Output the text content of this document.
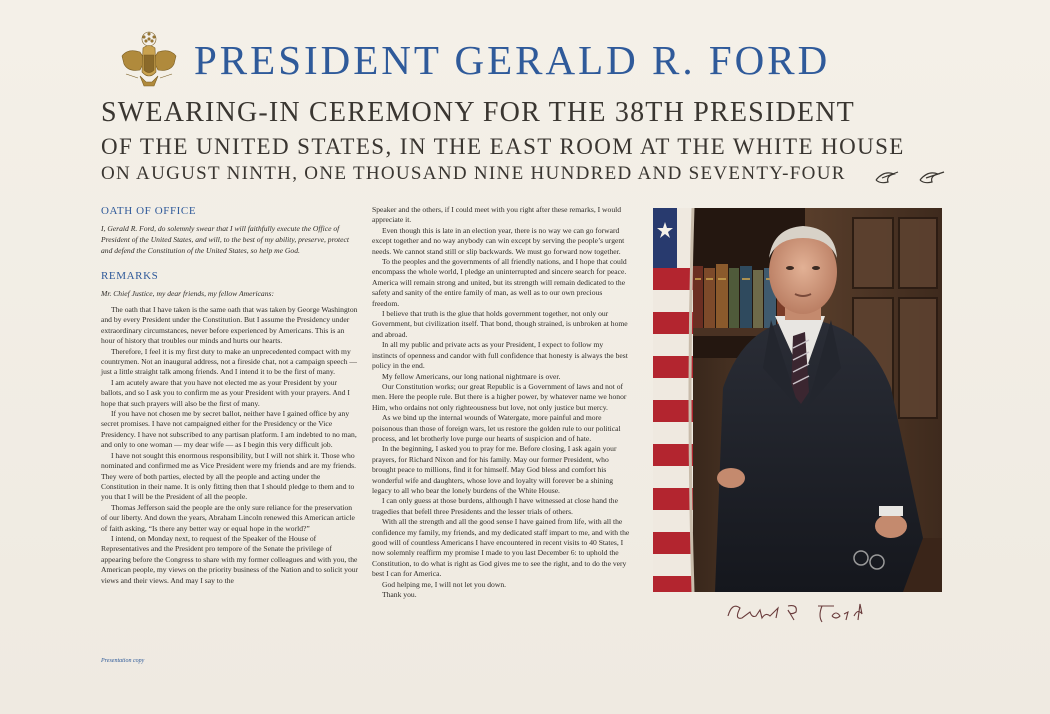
PRESIDENT GERALD R. FORD
SWEARING-IN CEREMONY FOR THE 38TH PRESIDENT
OF THE UNITED STATES, IN THE EAST ROOM AT THE WHITE HOUSE
ON AUGUST NINTH, ONE THOUSAND NINE HUNDRED AND SEVENTY-FOUR
OATH OF OFFICE

I, Gerald R. Ford, do solemnly swear that I will faithfully execute the Office of President of the United States, and will, to the best of my ability, preserve, protect and defend the Constitution of the United States, so help me God.

REMARKS

Mr. Chief Justice, my dear friends, my fellow Americans:

The oath that I have taken is the same oath that was taken by George Washington and by every President under the Constitution. But I assume the Presidency under extraordinary circumstances, never before experienced by Americans. This is an hour of history that troubles our minds and hurts our hearts.

Therefore, I feel it is my first duty to make an unprecedented compact with my countrymen. Not an inaugural address, not a fireside chat, not a campaign speech — just a little straight talk among friends. And I intend it to be the first of many.

I am acutely aware that you have not elected me as your President by your ballots, and so I ask you to confirm me as your President with your prayers. And I hope that such prayers will also be the first of many.

If you have not chosen me by secret ballot, neither have I gained office by any secret promises. I have not campaigned either for the Presidency or the Vice Presidency. I have not subscribed to any partisan platform. I am indebted to no man, and only to one woman — my dear wife — as I begin this very difficult job.

I have not sought this enormous responsibility, but I will not shirk it. Those who nominated and confirmed me as Vice President were my friends and are my friends. They were of both parties, elected by all the people and acting under the Constitution in their name. It is only fitting then that I should pledge to them and to you that I will be the President of all the people.

Thomas Jefferson said the people are the only sure reliance for the preservation of our liberty. And down the years, Abraham Lincoln renewed this American article of faith asking, “Is there any better way or equal hope in the world?”

I intend, on Monday next, to request of the Speaker of the House of Representatives and the President pro tempore of the Senate the privilege of appearing before the Congress to share with my former colleagues and with you, the American people, my views on the priority business of the Nation and to solicit your views and their views. And may I say to the

Speaker and the others, if I could meet with you right after these remarks, I would appreciate it.

Even though this is late in an election year, there is no way we can go forward except together and no way anybody can win except by serving the people’s urgent needs. We cannot stand still or slip backwards. We must go forward now together.

To the peoples and the governments of all friendly nations, and I hope that could encompass the whole world, I pledge an uninterrupted and sincere search for peace. America will remain strong and united, but its strength will remain dedicated to the safety and sanity of the entire family of man, as well as to our own precious freedom.

I believe that truth is the glue that holds government together, not only our Government, but civilization itself. That bond, though strained, is unbroken at home and abroad.

In all my public and private acts as your President, I expect to follow my instincts of openness and candor with full confidence that honesty is always the best policy in the end.

My fellow Americans, our long national nightmare is over.

Our Constitution works; our great Republic is a Government of laws and not of men. Here the people rule. But there is a higher power, by whatever name we honor Him, who ordains not only righteousness but love, not only justice but mercy.

As we bind up the internal wounds of Watergate, more painful and more poisonous than those of foreign wars, let us restore the golden rule to our political process, and let brotherly love purge our hearts of suspicion and of hate.

In the beginning, I asked you to pray for me. Before closing, I ask again your prayers, for Richard Nixon and for his family. May our former President, who brought peace to millions, find it for himself. May God bless and comfort his wonderful wife and daughters, whose love and loyalty will forever be a shining legacy to all who bear the lonely burdens of the White House.

I can only guess at those burdens, although I have witnessed at close hand the tragedies that befell three Presidents and the lesser trials of others.

With all the strength and all the good sense I have gained from life, with all the confidence my family, my friends, and my dedicated staff impart to me, and with the good will of countless Americans I have encountered in recent visits to 40 States, I now solemnly reaffirm my promise I made to you last December 6: to uphold the Constitution, to do what is right as God gives me to see the right, and to do the very best I can for America.

God helping me, I will not let you down.

Thank you.

Presentation copy
